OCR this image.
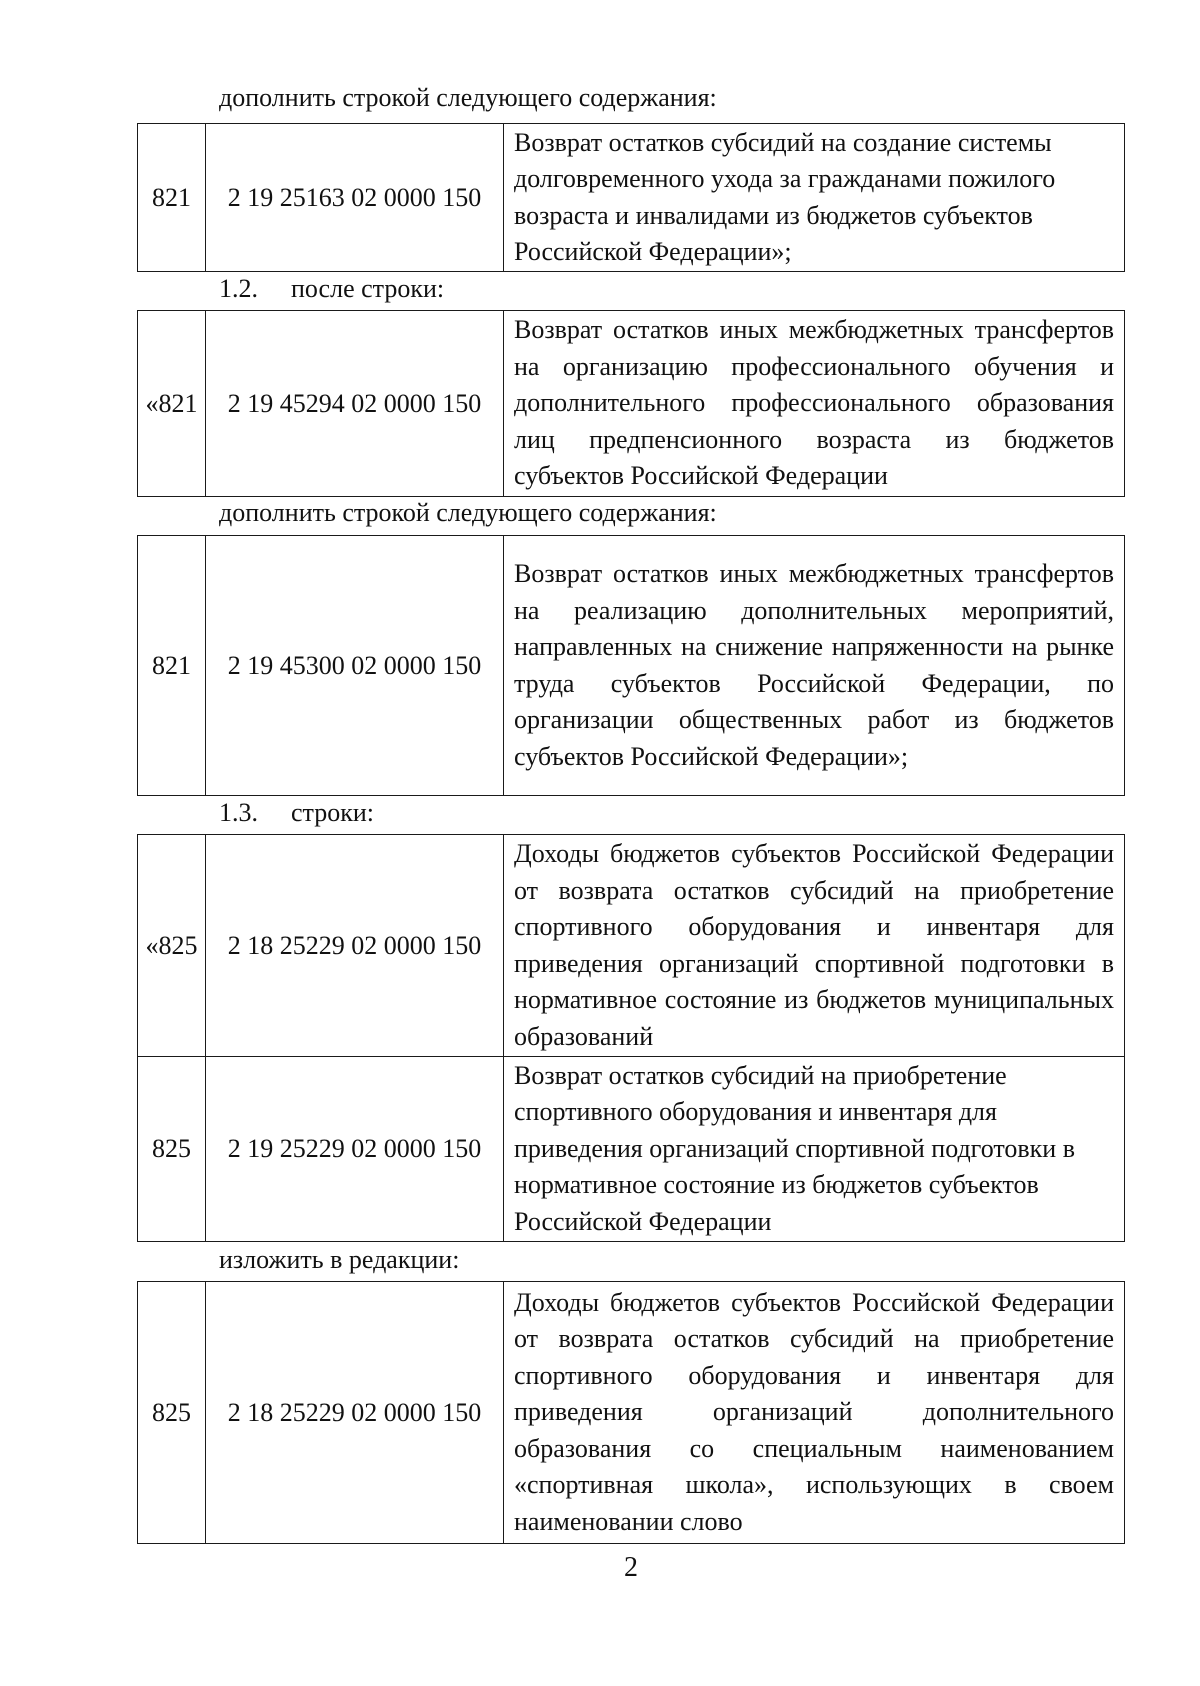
дополнить строкой следующего содержания:
821	2 19 25163 02 0000 150	Возврат остатков субсидий на создание системы долговременного ухода за гражданами пожилого возраста и инвалидами из бюджетов субъектов Российской Федерации»;
1.2. после строки:
«821	2 19 45294 02 0000 150	Возврат остатков иных межбюджетных трансфертов на организацию профессионального обучения и дополнительного профессионального образования лиц предпенсионного возраста из бюджетов субъектов Российской Федерации
дополнить строкой следующего содержания:
821	2 19 45300 02 0000 150	Возврат остатков иных межбюджетных трансфертов на реализацию дополнительных мероприятий, направленных на снижение напряженности на рынке труда субъектов Российской Федерации, по организации общественных работ из бюджетов субъектов Российской Федерации»;
1.3. строки:
«825	2 18 25229 02 0000 150	Доходы бюджетов субъектов Российской Федерации от возврата остатков субсидий на приобретение спортивного оборудования и инвентаря для приведения организаций спортивной подготовки в нормативное состояние из бюджетов муниципальных образований
825	2 19 25229 02 0000 150	Возврат остатков субсидий на приобретение спортивного оборудования и инвентаря для приведения организаций спортивной подготовки в нормативное состояние из бюджетов субъектов Российской Федерации
изложить в редакции:
825	2 18 25229 02 0000 150	Доходы бюджетов субъектов Российской Федерации от возврата остатков субсидий на приобретение спортивного оборудования и инвентаря для приведения организаций дополнительного образования со специальным наименованием «спортивная школа», использующих в своем наименовании слово
2
